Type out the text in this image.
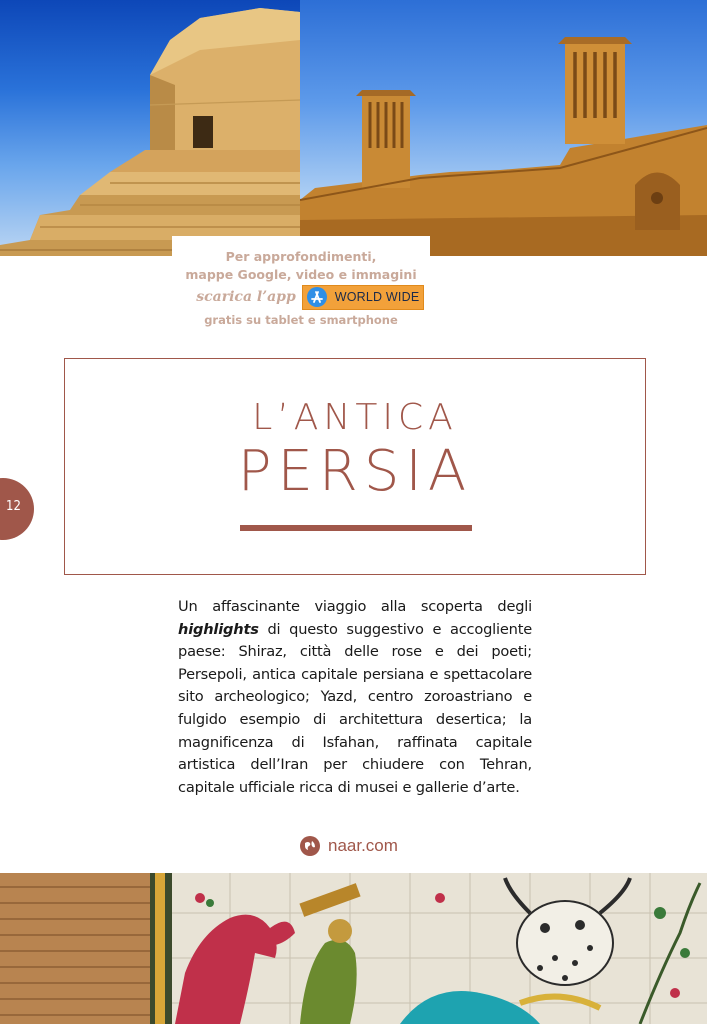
Per approfondimenti,
mappe Google, video e immagini
scarica l’app	WORLD WIDE
gratis su tablet e smartphone
12
L’ANTICA
PERSIA

Un affascinante viaggio alla scoperta degli highlights di questo suggestivo e accogliente paese: Shiraz, città delle rose e dei poeti; Persepoli, antica capitale persiana e spettacolare sito archeologico; Yazd, centro zoroastriano e fulgido esempio di architettura desertica; la magnificenza di Isfahan, raffinata capitale artistica dell’Iran per chiudere con Tehran, capitale ufficiale ricca di musei e gallerie d’arte.

naar.com
